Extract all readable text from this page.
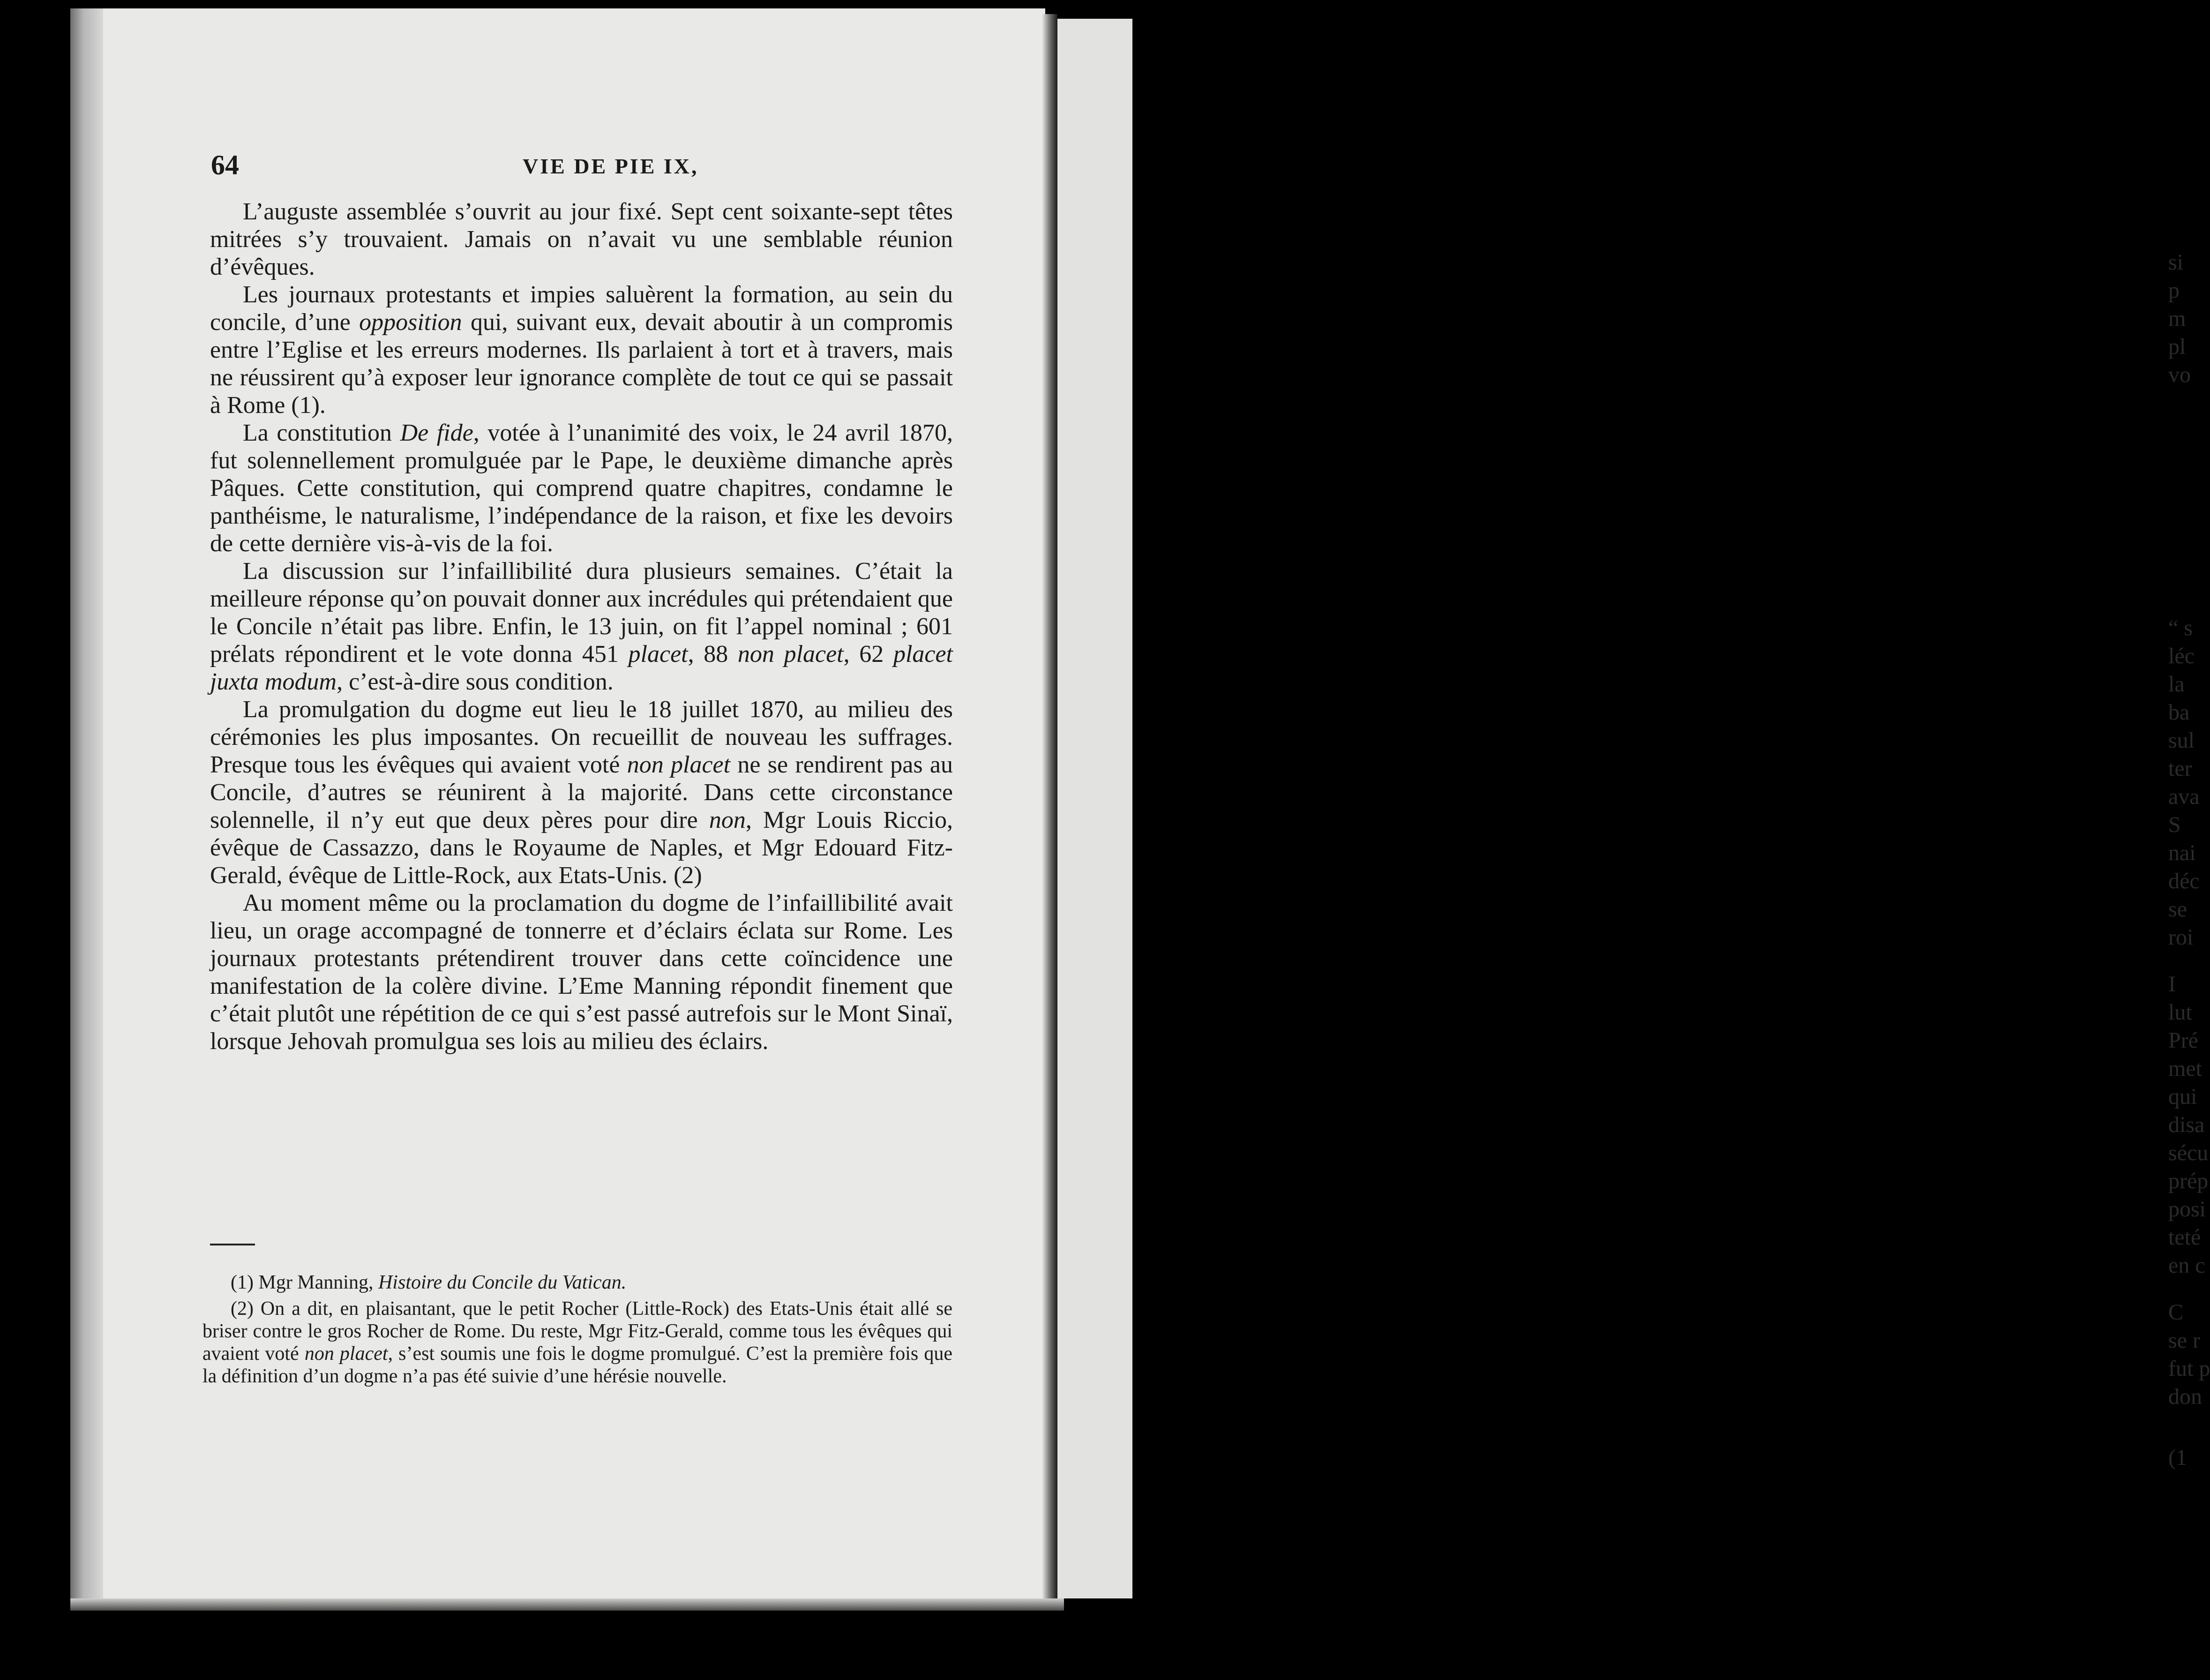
si
p
m
pl
vo
“ s
léc
la
ba
sul
ter
ava
S
nai
déc
se
roi
I
lut
Pré
met
qui
disa
sécu
prép
posi
teté
en c
C
se r
fut p
don
(1
64	VIE DE PIE IX,

L’auguste assemblée s’ouvrit au jour fixé. Sept cent soixante-sept têtes mitrées s’y trouvaient. Jamais on n’avait vu une semblable réunion d’évêques.

Les journaux protestants et impies saluèrent la formation, au sein du concile, d’une opposition qui, suivant eux, devait aboutir à un compromis entre l’Eglise et les erreurs modernes. Ils parlaient à tort et à travers, mais ne réussirent qu’à exposer leur ignorance complète de tout ce qui se passait à Rome (1).

La constitution De fide, votée à l’unanimité des voix, le 24 avril 1870, fut solennellement promulguée par le Pape, le deuxième dimanche après Pâques. Cette constitution, qui comprend quatre chapitres, condamne le panthéisme, le naturalisme, l’indépendance de la raison, et fixe les devoirs de cette dernière vis-à-vis de la foi.

La discussion sur l’infaillibilité dura plusieurs semaines. C’était la meilleure réponse qu’on pouvait donner aux incrédules qui prétendaient que le Concile n’était pas libre. Enfin, le 13 juin, on fit l’appel nominal ; 601 prélats répondirent et le vote donna 451 placet, 88 non placet, 62 placet juxta modum, c’est-à-dire sous condition.

La promulgation du dogme eut lieu le 18 juillet 1870, au milieu des cérémonies les plus imposantes. On recueillit de nouveau les suffrages. Presque tous les évêques qui avaient voté non placet ne se rendirent pas au Concile, d’autres se réunirent à la majorité. Dans cette circonstance solennelle, il n’y eut que deux pères pour dire non, Mgr Louis Riccio, évêque de Cassazzo, dans le Royaume de Naples, et Mgr Edouard Fitz-Gerald, évêque de Little-Rock, aux Etats-Unis. (2)

Au moment même ou la proclamation du dogme de l’infaillibilité avait lieu, un orage accompagné de tonnerre et d’éclairs éclata sur Rome. Les journaux protestants prétendirent trouver dans cette coïncidence une manifestation de la colère divine. L’Eme Manning répondit finement que c’était plutôt une répétition de ce qui s’est passé autrefois sur le Mont Sinaï, lorsque Jehovah promulgua ses lois au milieu des éclairs.

(1) Mgr Manning, Histoire du Concile du Vatican.

(2) On a dit, en plaisantant, que le petit Rocher (Little-Rock) des Etats-Unis était allé se briser contre le gros Rocher de Rome. Du reste, Mgr Fitz-Gerald, comme tous les évêques qui avaient voté non placet, s’est soumis une fois le dogme promulgué. C’est la première fois que la définition d’un dogme n’a pas été suivie d’une hérésie nouvelle.
